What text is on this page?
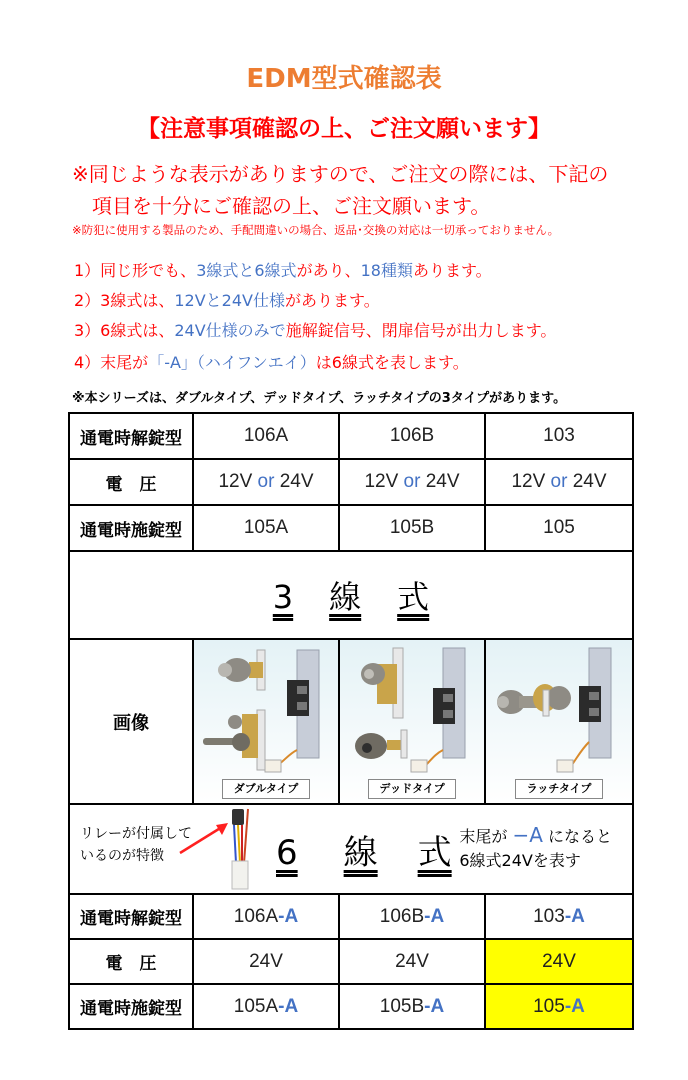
EDM型式確認表
【注意事項確認の上、ご注文願います】
※同じような表示がありますので、ご注文の際には、下記の
項目を十分にご確認の上、ご注文願います。
※防犯に使用する製品のため、手配間違いの場合、返品･交換の対応は一切承っておりません。
1）同じ形でも、3線式と6線式があり、18種類あります。
2）3線式は、12Vと24V仕様があります。
3）6線式は、24V仕様のみで施解錠信号、閉扉信号が出力します。
4）末尾が「-A」（ハイフンエイ）は6線式を表します。
※本シリーズは、ダブルタイプ、デッドタイプ、ラッチタイプの3タイプがあります。
通電時解錠型	106A	106B	103
電　圧	12V or 24V	12V or 24V	12V or 24V
通電時施錠型	105A	105B	105
3 線 式			
画像	ダブルタイプ	デッドタイプ	ラッチタイプ

リレーが付属して
いるのが特徴 6 線 式 末尾が −A になると
6線式24Vを表す			

通電時解錠型	106A-A	106B-A	103-A
電　圧	24V	24V	24V
通電時施錠型	105A-A	105B-A	105-A
